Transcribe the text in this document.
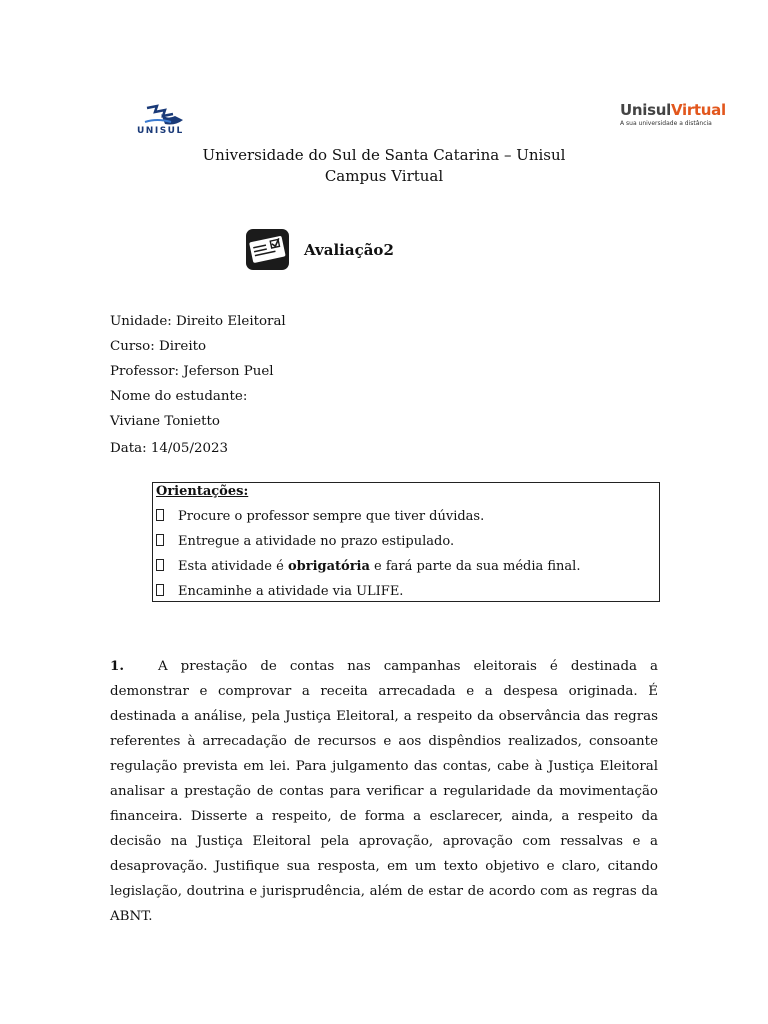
UNISUL
UnisulVirtual
A sua universidade a distância
Universidade do Sul de Santa Catarina – Unisul
Campus Virtual
Avaliação2
Unidade: Direito Eleitoral
Curso: Direito
Professor: Jeferson Puel
Nome do estudante:
Viviane Tonietto
Data: 14/05/2023
Orientações:
Procure o professor sempre que tiver dúvidas.
Entregue a atividade no prazo estipulado.
Esta atividade é obrigatória e fará parte da sua média final.
Encaminhe a atividade via ULIFE.
1.	A prestação de contas nas campanhas eleitorais é destinada a demonstrar e comprovar a receita arrecadada e a despesa originada. É destinada a análise, pela Justiça Eleitoral, a respeito da observância das regras referentes à arrecadação de recursos e aos dispêndios realizados, consoante regulação prevista em lei. Para julgamento das contas, cabe à Justiça Eleitoral analisar a prestação de contas para verificar a regularidade da movimentação financeira. Disserte a respeito, de forma a esclarecer, ainda, a respeito da decisão na Justiça Eleitoral pela aprovação, aprovação com ressalvas e a desaprovação. Justifique sua resposta, em um texto objetivo e claro, citando legislação, doutrina e jurisprudência, além de estar de acordo com as regras da ABNT.
